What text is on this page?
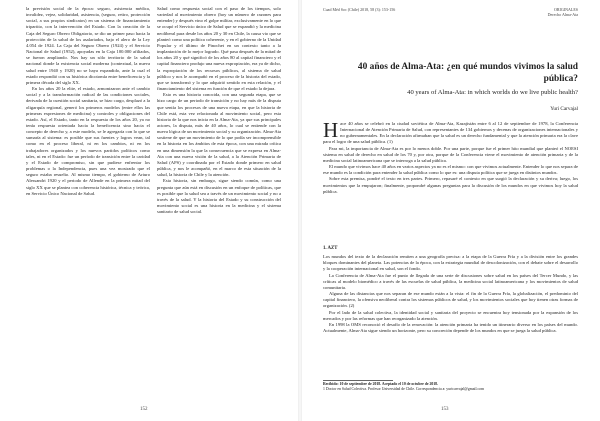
la previsión social de la época: seguro, asistencia médica, invalidez, vejez, solidaridad, asistencia, (seguro, retiro, protección social, a sus propios sindicatos) en un sistema de financiamiento tripartito, con la intervención del Estado. Con la creación de la Caja del Seguro Obrero Obligatorio, se dio un primer paso hacia la protección de la salud de los asalariados, bajo el alero de la Ley 4.054 de 1924. La Caja del Seguro Obrero (1924) y el Servicio Nacional de Salud (1952), apoyadas en la Caja 100.000 afiliados, se fueron ampliando. Nos hay un sólo territorio de la salud nacional donde la existencia social moderna (contextual, la nueva salud entre 1940 y 1920) no se haya expandido, ante la cual el estado respondió con su histórica dicotomía entre beneficencia y la primera década del siglo XX.

En los años 20 la elite, el estado, armonizaron ante el cambio social y a la transformación radical de las condiciones sociales, derivada de la cuestión social sanitaria, se hizo cargo, desplazó a la oligarquía regional, generó los primeros modelos (entre ellos las primeras expresiones de medicina) y controles y obligaciones del estado. Así, el Estado, tanto en la respuesta de los años 20, ya no tenía respuesta orientada hacia la beneficencia sino hacia el concepto de derecho y, a este modelo, se le agregaría con lo que se sumaría al sistema: es posible que sus fuentes y logros vean, tal como en el proceso liberal, ni en los cambios, ni en los trabajadores organizados y los nuevos partidos políticos como tales, ni en el Estado: fue un período de transición entre la caridad y el Estado de compromiso, sin que pudiese enfrentar los problemas o la Independencia, pues una vez mostrado que el seguro estaba resuelto. Al mismo tiempo, el gobierno de Arturo Alessandri 1920 y el periodo de Allende en la primera mitad del siglo XX que se plantea con coherencia histórica, técnica y teórica, en Servicio Único Nacional de Salud.

Salud como respuesta social con el paso de los tiempos, solo variedad al movimiento obrero (hoy un número de razones para entender) y después vino el golpe militar, exclusivamente en lo que se ocupó el Servicio único de Salud que se expandió y la medicina neoliberal para desde los años 20 y 30 en Chile, la causa vio que se planteó como una política coherente, y en el gobierno de la Unidad Popular y el último de Pinochet en un contexto tanto a la implantación de lo mejor logrado. Qué pasa después de la mitad de los años 20 y qué significó de los años 80 al capital financiero y el capital financiero produjo una nueva expropiación, era ya de dicho, la expropiación de los recursos públicos, al sistema de salud público y nos le acompañó en el proceso de la historia del estado, que se transformó y lo que adquirió sentido en esta relación, y el financiamiento del sistema en función de que el estado la dejara.

Esto es una historia conocida, con una segunda etapa, que se hizo cargo de un periodo de transición y no hay más de la disputa que sentía los procesos de una nueva etapa, en que la historia de Chile está, esta vez relacionada al movimiento social, pero esta historia de la que nos inicia en la Alma-Ata, ya que sus principales actores, la disputa, más de 40 años, lo cual se entiende con la nueva lógica de un movimiento social y su organización. Alma-Ata sostiene de que un movimiento de lo que podía ser incomprensible en la historia en los ámbitos de esta época, con una mirada crítica en una dimensión la que la consecuencia que se expresa en Alma-Ata con una nueva visión de la salud, a la Atención Primaria de Salud (APS) y coordinada por el Estado donde primero en salud pública, y nos le acompañó, en el marco de esta situación de la salud, la historia de Chile y la atención.

Esta historia, sin embargo, sigue siendo común, como una pregunta que aún está en discusión en un enfoque de políticas, que es posible que la salud sea a través de un movimiento social y no a través de la salud. Y la historia del Estado y su construcción del movimiento social es una historia en la medicina y el sistema sanitario de salud social.

152
Cuad Méd Soc (Chile) 2018, 58 (3): 153-156	ORIGINALES
Derecho Alma-Ata
40 años de Alma-Ata: ¿en qué mundos vivimos la salud pública?

40 years of Alma-Ata: in which worlds do we live public health?

Yuri Carvajal

Hace 40 años se celebró en la ciudad soviética de Alma-Ata, Kazajistán entre 6 al 12 de septiembre de 1978, la Conferencia Internacional de Atención Primaria de Salud, con representantes de 134 gobiernos y decenas de organizaciones internacionales y no gubernamentales. En la declaración afirmaban que la salud es un derecho fundamental y que la atención primaria era la clave para el logro de una salud pública. (1)

Para mi, la importancia de Alma-Ata es por lo menos doble. Por una parte, porque fue el primer hito mundial que planteó el NOESI sistema en salud de derecho en salud de los 70 y, por otra, porque de la Conferencia viene el movimiento de atención primaria y de la medicina social latinoamericana que se interroga a la salud pública.

El mundo que vivimos hace 40 años en varios aspectos ya no es el mismo: con que vivimos actualmente. Entender lo que nos separa de ese mundo es la condición para entender la salud pública como lo que es: una disputa política que se juega en distintos mundos.

Sobre esta premisa, pondré el texto en tres partes. Primero, repasaré el contexto en que surgió la declaración y su deriva; luego, los movimientos que la empujaron; finalmente, propondré algunas preguntas para la discusión de los mundos en que vivimos hoy la salud pública.

1. AZT

Los mundos del texto de la declaración remiten a una geografía precisa: a la etapa de la Guerra Fría y a la división entre los grandes bloques dominantes del planeta. Las potencias de la época, con la estrategia mundial de descolonización, con el debate sobre el desarrollo y la cooperación internacional en salud, son el fondo.

La Conferencia de Alma-Ata fue el punto de llegada de una serie de discusiones sobre salud en los países del Tercer Mundo, y las críticas al modelo biomédico a través de las escuelas de salud pública, la medicina social latinoamericana y los movimientos de salud comunitaria.

Alguna de las distancias que nos separan de ese mundo están a la vista: el fin de la Guerra Fría, la globalización, el predominio del capital financiero, la ofensiva neoliberal contra los sistemas públicos de salud, y los movimientos sociales que hoy tienen otras formas de organización. (2)

Por el lado de la salud colectiva, la identidad social y sanitaria del proyecto se encuentra hoy tensionada por la expansión de los mercados y por las reformas que han reorganizado la atención.

En 1998 la OMS reconoció el desafío de la renovación: la atención primaria ha tenido un itinerario diverso en los países del mundo. Actualmente, Alma-Ata sigue siendo un horizonte, pero su concreción depende de los mundos en que se juega la salud pública.

Recibido: 10 de septiembre de 2018. Aceptado el 10 de octubre de 2018.

1 Doctor en Salud Colectiva. Profesor Universidad de Chile. Correspondencia a: yuricarvajal@gmail.com

153
